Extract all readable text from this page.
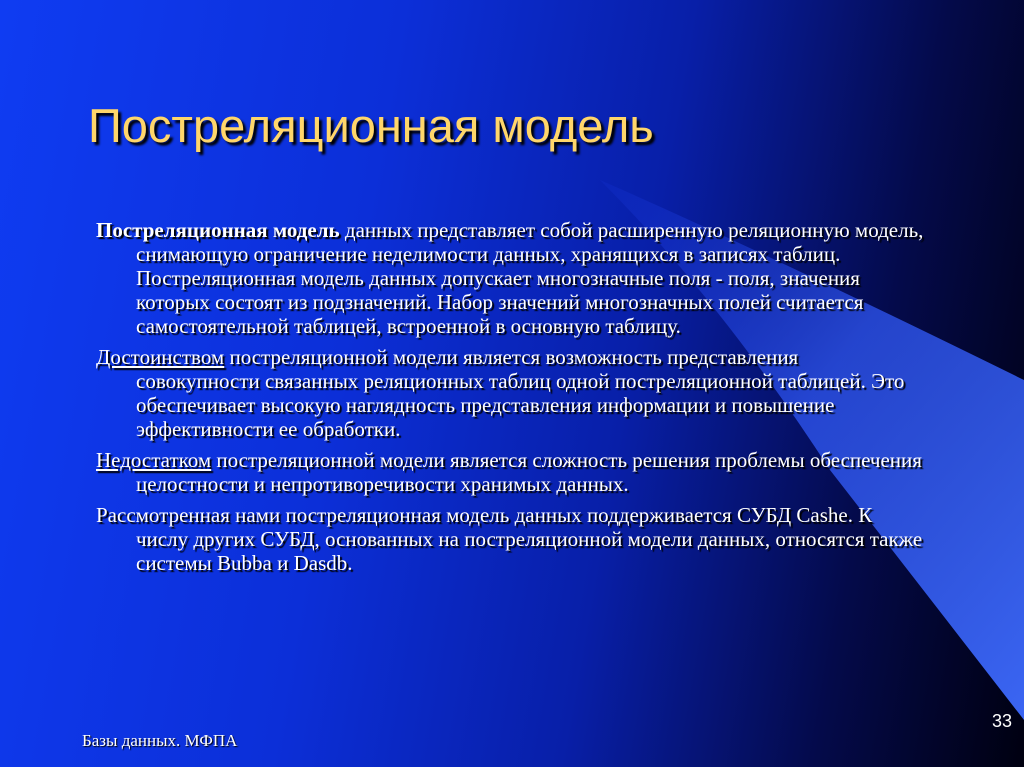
Постреляционная модель

Постреляционная модель данных представляет собой расширенную реляционную модель, снимающую ограничение неделимости данных, хранящихся в записях таблиц. Постреляционная модель данных допускает многозначные поля - поля, значения которых состоят из подзначений. Набор значений многозначных полей считается самостоятельной таблицей, встроенной в основную таблицу.

Достоинством постреляционной модели является возможность представления совокупности связанных реляционных таблиц одной постреляционной таблицей. Это обеспечивает высокую наглядность представления информации и повышение эффективности ее обработки.

Недостатком постреляционной модели является сложность решения проблемы обеспечения целостности и непротиворечивости хранимых данных.

Рассмотренная нами постреляционная модель данных поддерживается СУБД Cashe. К числу других СУБД, основанных на постреляционной модели данных, относятся также системы Bubba и Dasdb.

Базы данных. МФПА
33
